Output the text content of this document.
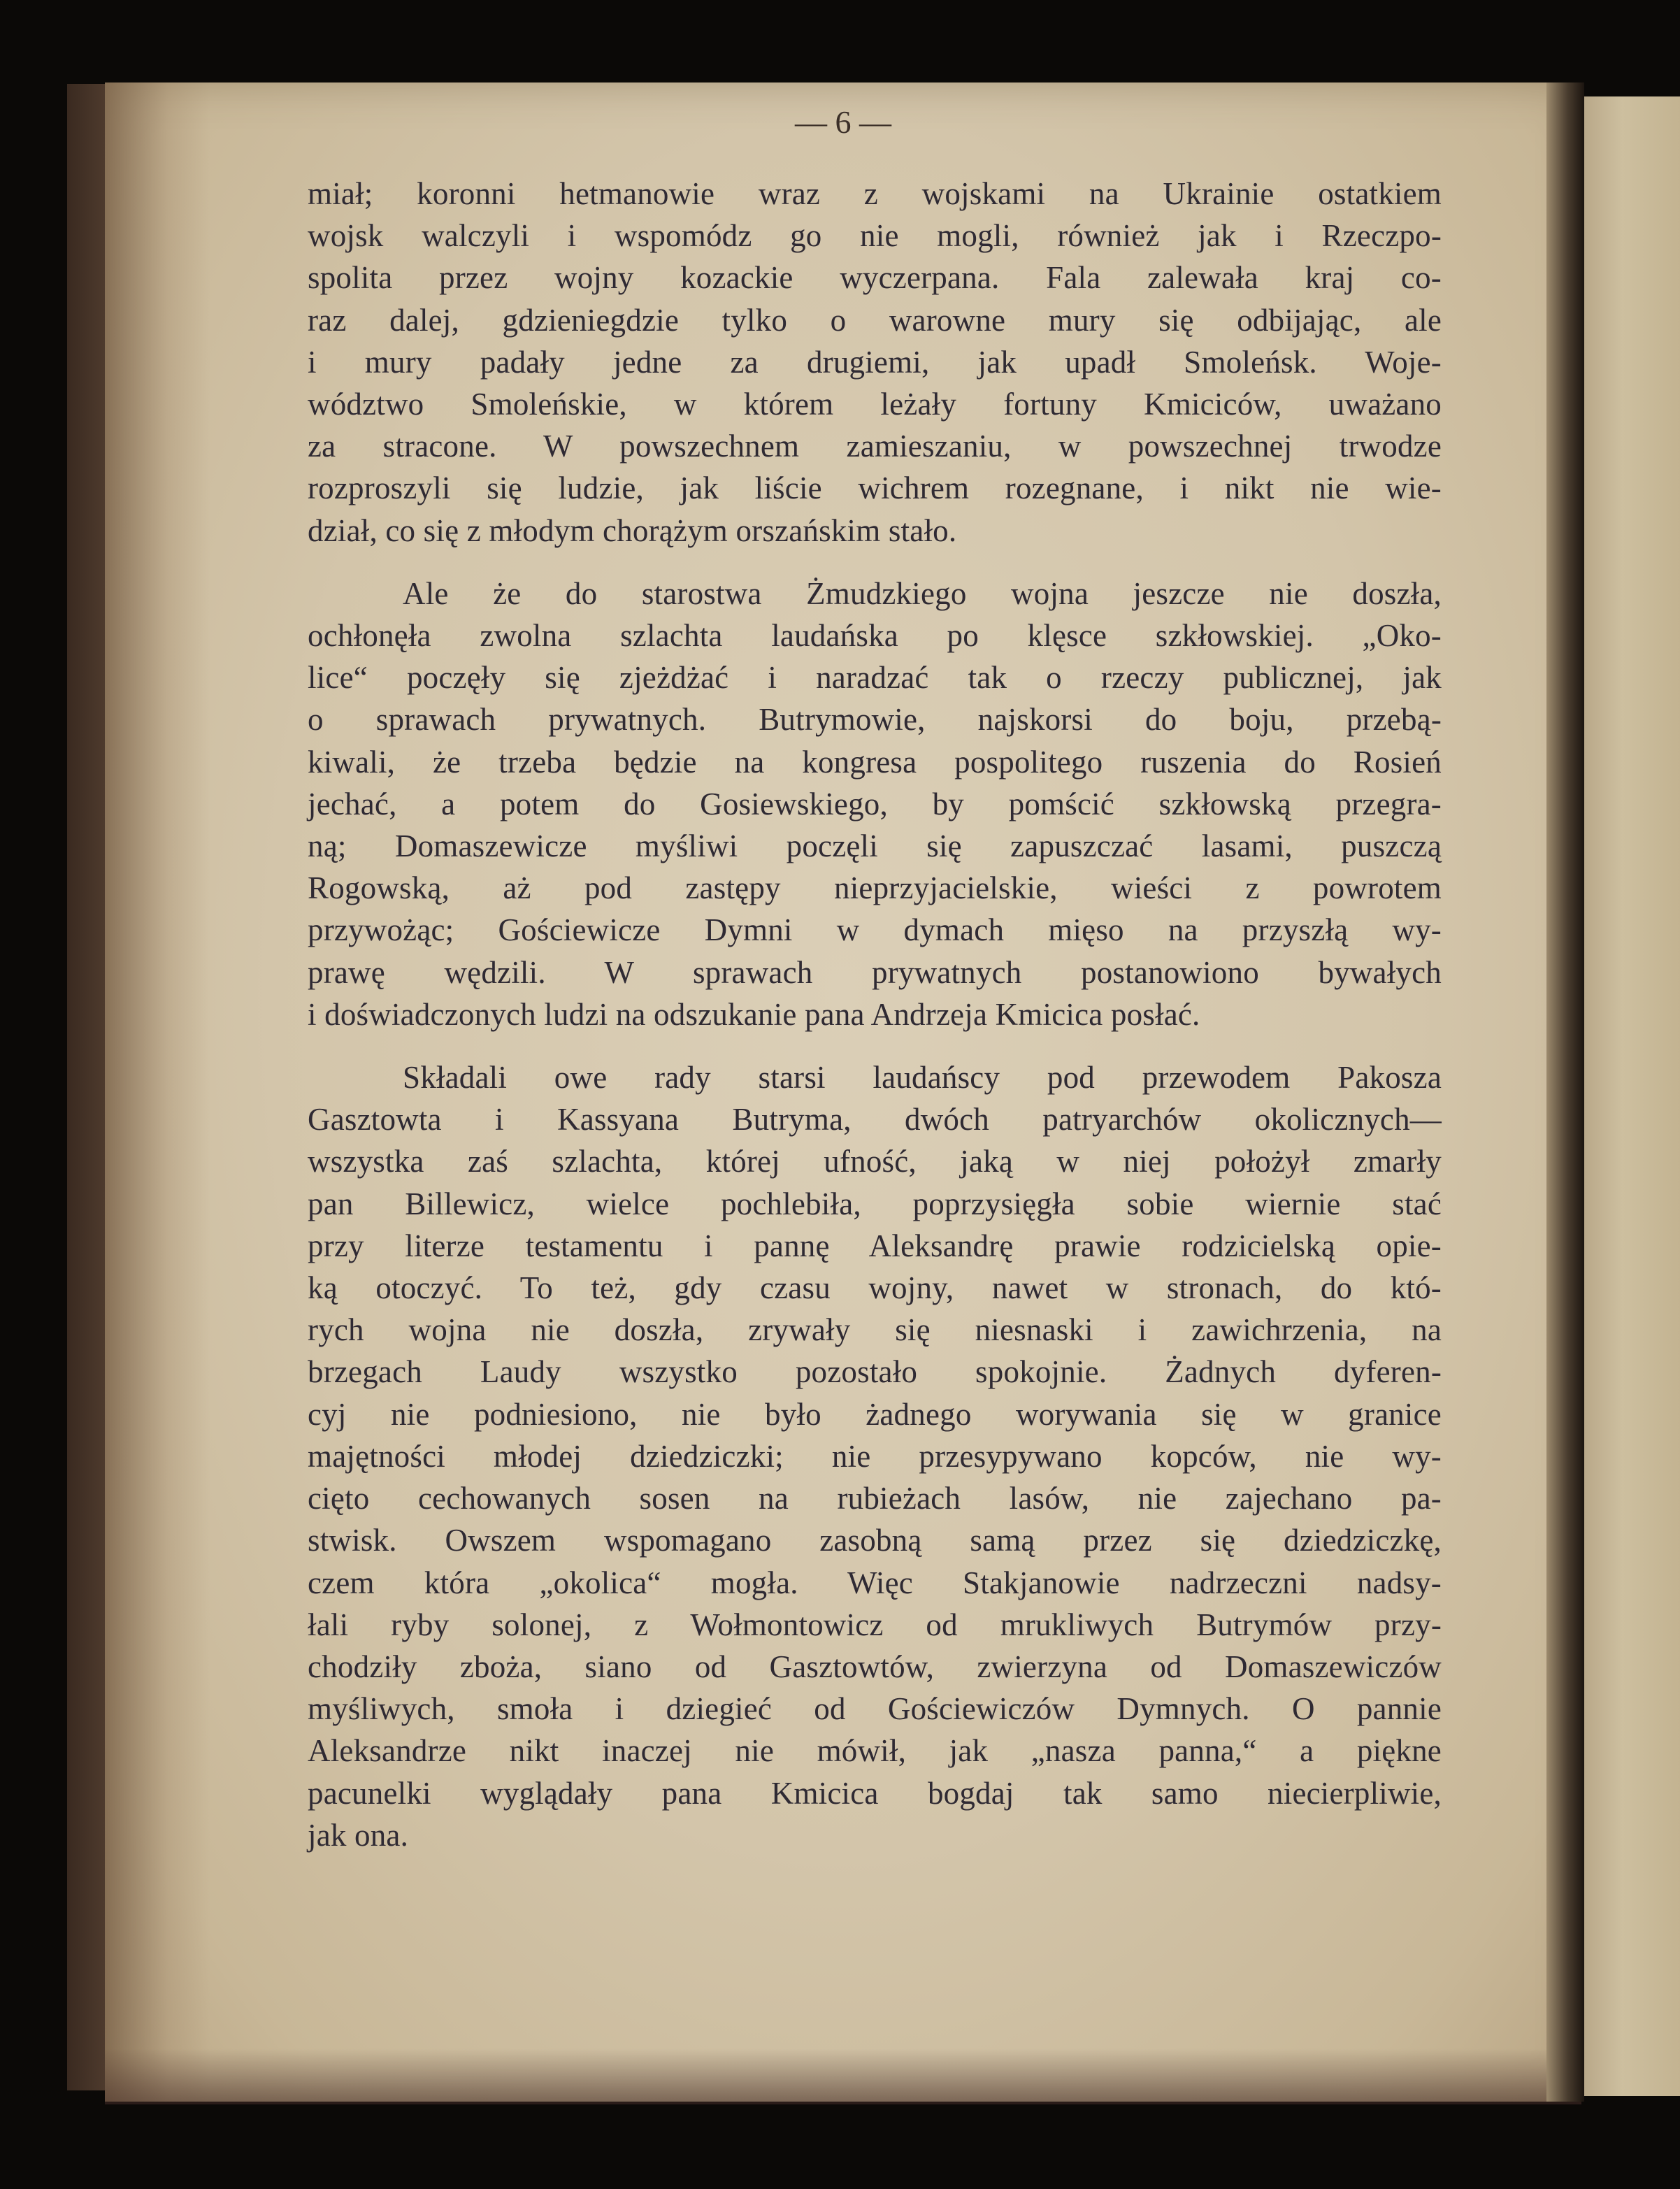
— 6 —

miał; koronni hetmanowie wraz z wojskami na Ukrainie ostatkiem
wojsk walczyli i wspomódz go nie mogli, również jak i Rzeczpo-
spolita przez wojny kozackie wyczerpana. Fala zalewała kraj co-
raz dalej, gdzieniegdzie tylko o warowne mury się odbijając, ale
i mury padały jedne za drugiemi, jak upadł Smoleńsk. Woje-
wództwo Smoleńskie, w którem leżały fortuny Kmiciców, uważano
za stracone. W powszechnem zamieszaniu, w powszechnej trwodze
rozproszyli się ludzie, jak liście wichrem rozegnane, i nikt nie wie-
dział, co się z młodym chorążym orszańskim stało.

Ale że do starostwa Żmudzkiego wojna jeszcze nie doszła,
ochłonęła zwolna szlachta laudańska po klęsce szkłowskiej. „Oko-
lice“ poczęły się zjeżdżać i naradzać tak o rzeczy publicznej, jak
o sprawach prywatnych. Butrymowie, najskorsi do boju, przebą-
kiwali, że trzeba będzie na kongresa pospolitego ruszenia do Rosień
jechać, a potem do Gosiewskiego, by pomścić szkłowską przegra-
ną; Domaszewicze myśliwi poczęli się zapuszczać lasami, puszczą
Rogowską, aż pod zastępy nieprzyjacielskie, wieści z powrotem
przywożąc; Gościewicze Dymni w dymach mięso na przyszłą wy-
prawę wędzili. W sprawach prywatnych postanowiono bywałych
i doświadczonych ludzi na odszukanie pana Andrzeja Kmicica posłać.

Składali owe rady starsi laudańscy pod przewodem Pakosza
Gasztowta i Kassyana Butryma, dwóch patryarchów okolicznych—
wszystka zaś szlachta, której ufność, jaką w niej położył zmarły
pan Billewicz, wielce pochlebiła, poprzysięgła sobie wiernie stać
przy literze testamentu i pannę Aleksandrę prawie rodzicielską opie-
ką otoczyć. To też, gdy czasu wojny, nawet w stronach, do któ-
rych wojna nie doszła, zrywały się niesnaski i zawichrzenia, na
brzegach Laudy wszystko pozostało spokojnie. Żadnych dyferen-
cyj nie podniesiono, nie było żadnego worywania się w granice
majętności młodej dziedziczki; nie przesypywano kopców, nie wy-
cięto cechowanych sosen na rubieżach lasów, nie zajechano pa-
stwisk. Owszem wspomagano zasobną samą przez się dziedziczkę,
czem która „okolica“ mogła. Więc Stakjanowie nadrzeczni nadsy-
łali ryby solonej, z Wołmontowicz od mrukliwych Butrymów przy-
chodziły zboża, siano od Gasztowtów, zwierzyna od Domaszewiczów
myśliwych, smoła i dziegieć od Gościewiczów Dymnych. O pannie
Aleksandrze nikt inaczej nie mówił, jak „nasza panna,“ a piękne
pacunelki wyglądały pana Kmicica bogdaj tak samo niecierpliwie,
jak ona.
